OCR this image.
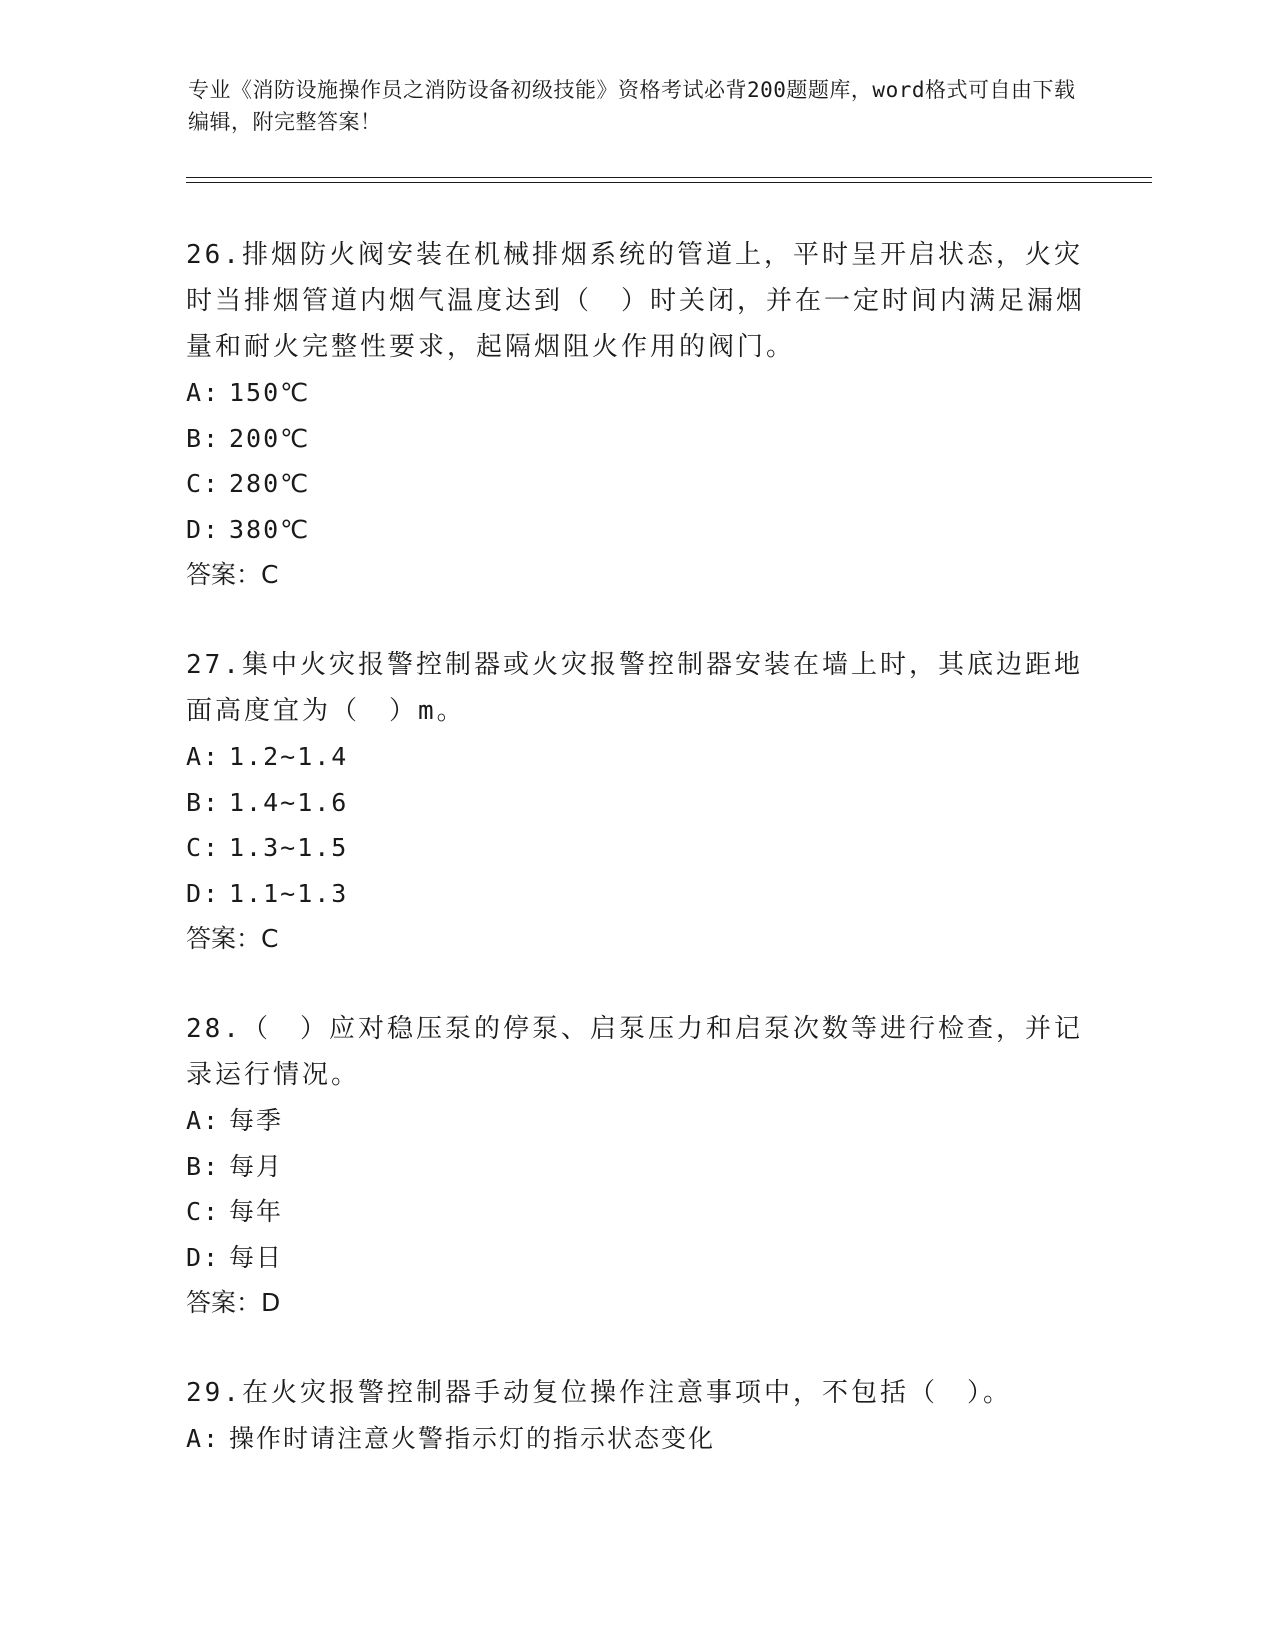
专业《消防设施操作员之消防设备初级技能》资格考试必背200题题库，word格式可自由下载编辑，附完整答案！

26.排烟防火阀安装在机械排烟系统的管道上，平时呈开启状态，火灾时当排烟管道内烟气温度达到（　）时关闭，并在一定时间内满足漏烟量和耐火完整性要求，起隔烟阻火作用的阀门。

A: 150℃

B: 200℃

C: 280℃

D: 380℃

答案：C

27.集中火灾报警控制器或火灾报警控制器安装在墙上时，其底边距地面高度宜为（　）m。

A: 1.2~1.4

B: 1.4~1.6

C: 1.3~1.5

D: 1.1~1.3

答案：C

28.（　）应对稳压泵的停泵、启泵压力和启泵次数等进行检查，并记录运行情况。

A: 每季

B: 每月

C: 每年

D: 每日

答案：D

29.在火灾报警控制器手动复位操作注意事项中，不包括（　）。

A: 操作时请注意火警指示灯的指示状态变化
